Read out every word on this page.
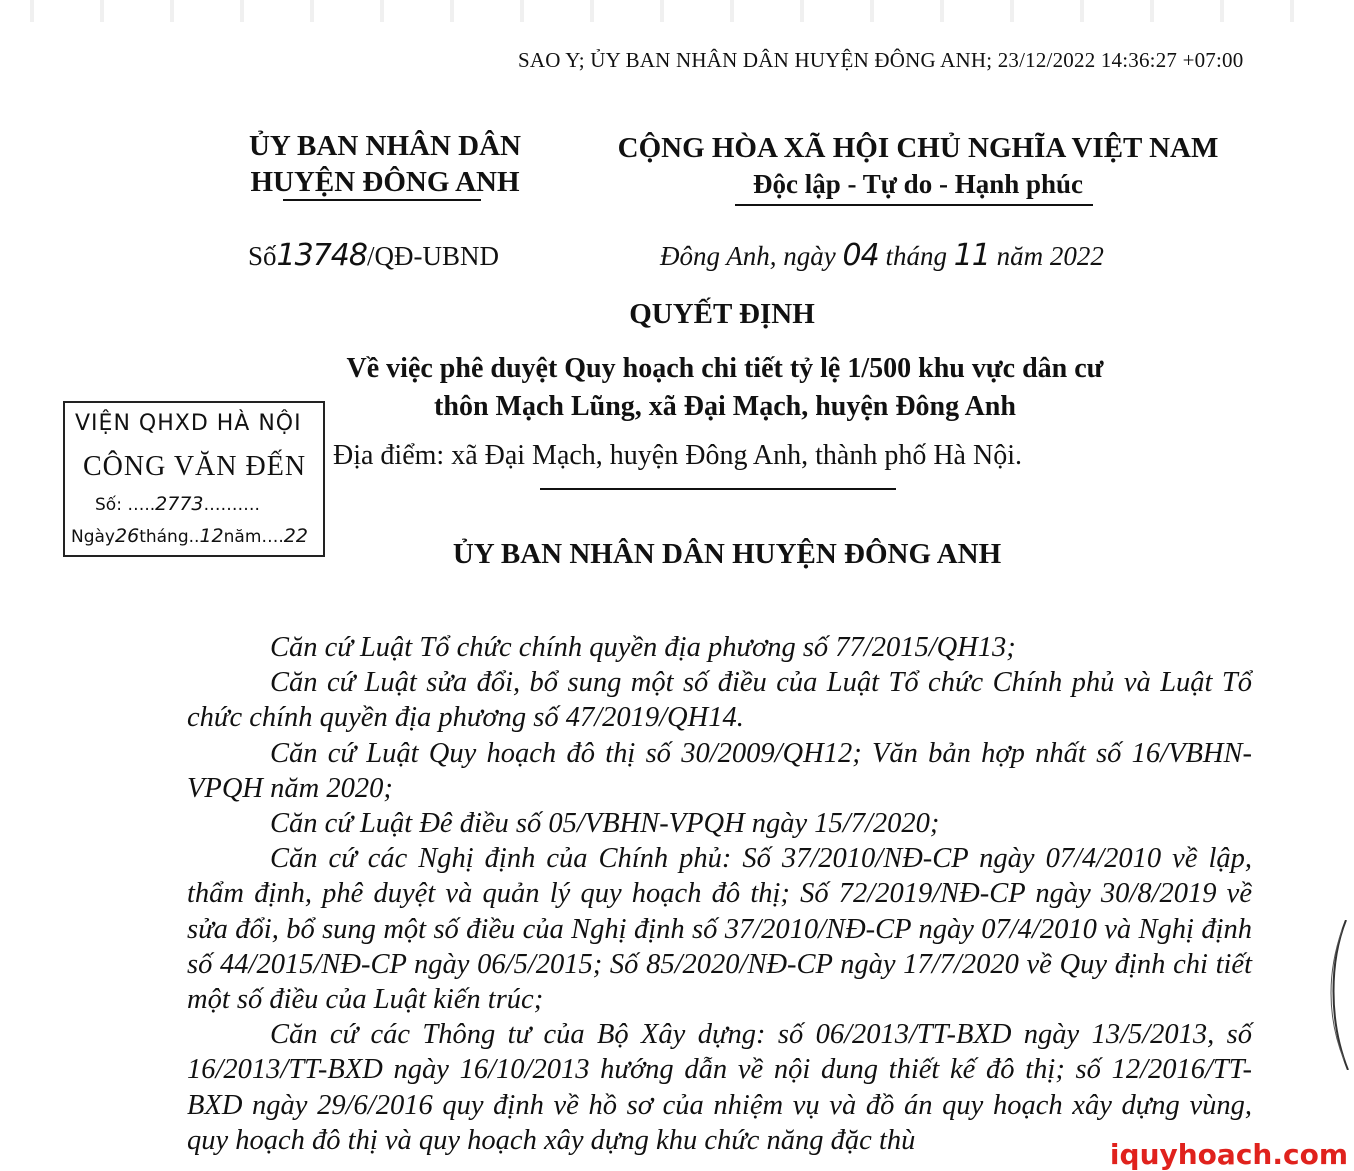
SAO Y; ỦY BAN NHÂN DÂN HUYỆN ĐÔNG ANH; 23/12/2022 14:36:27 +07:00
ỦY BAN NHÂN DÂN
HUYỆN ĐÔNG ANH
CỘNG HÒA XÃ HỘI CHỦ NGHĨA VIỆT NAM
Độc lập - Tự do - Hạnh phúc
Số13748/QĐ-UBND	Đông Anh, ngày 04 tháng 11 năm 2022
QUYẾT ĐỊNH
Về việc phê duyệt Quy hoạch chi tiết tỷ lệ 1/500 khu vực dân cư
thôn Mạch Lũng, xã Đại Mạch, huyện Đông Anh
Địa điểm: xã Đại Mạch, huyện Đông Anh, thành phố Hà Nội.
VIỆN QHXD HÀ NỘI
CÔNG VĂN ĐẾN
Số: …..2773……….
Ngày26tháng..12năm….22
ỦY BAN NHÂN DÂN HUYỆN ĐÔNG ANH

Căn cứ Luật Tổ chức chính quyền địa phương số 77/2015/QH13;

Căn cứ Luật sửa đổi, bổ sung một số điều của Luật Tổ chức Chính phủ và Luật Tổ chức chính quyền địa phương số 47/2019/QH14.

Căn cứ Luật Quy hoạch đô thị số 30/2009/QH12; Văn bản hợp nhất số 16/VBHN-VPQH năm 2020;

Căn cứ Luật Đê điều số 05/VBHN-VPQH ngày 15/7/2020;

Căn cứ các Nghị định của Chính phủ: Số 37/2010/NĐ-CP ngày 07/4/2010 về lập, thẩm định, phê duyệt và quản lý quy hoạch đô thị; Số 72/2019/NĐ-CP ngày 30/8/2019 về sửa đổi, bổ sung một số điều của Nghị định số 37/2010/NĐ-CP ngày 07/4/2010 và Nghị định số 44/2015/NĐ-CP ngày 06/5/2015; Số 85/2020/NĐ-CP ngày 17/7/2020 về Quy định chi tiết một số điều của Luật kiến trúc;

Căn cứ các Thông tư của Bộ Xây dựng: số 06/2013/TT-BXD ngày 13/5/2013, số 16/2013/TT-BXD ngày 16/10/2013 hướng dẫn về nội dung thiết kế đô thị; số 12/2016/TT-BXD ngày 29/6/2016 quy định về hồ sơ của nhiệm vụ và đồ án quy hoạch xây dựng vùng, quy hoạch đô thị và quy hoạch xây dựng khu chức năng đặc thù	iquyhoach.com
